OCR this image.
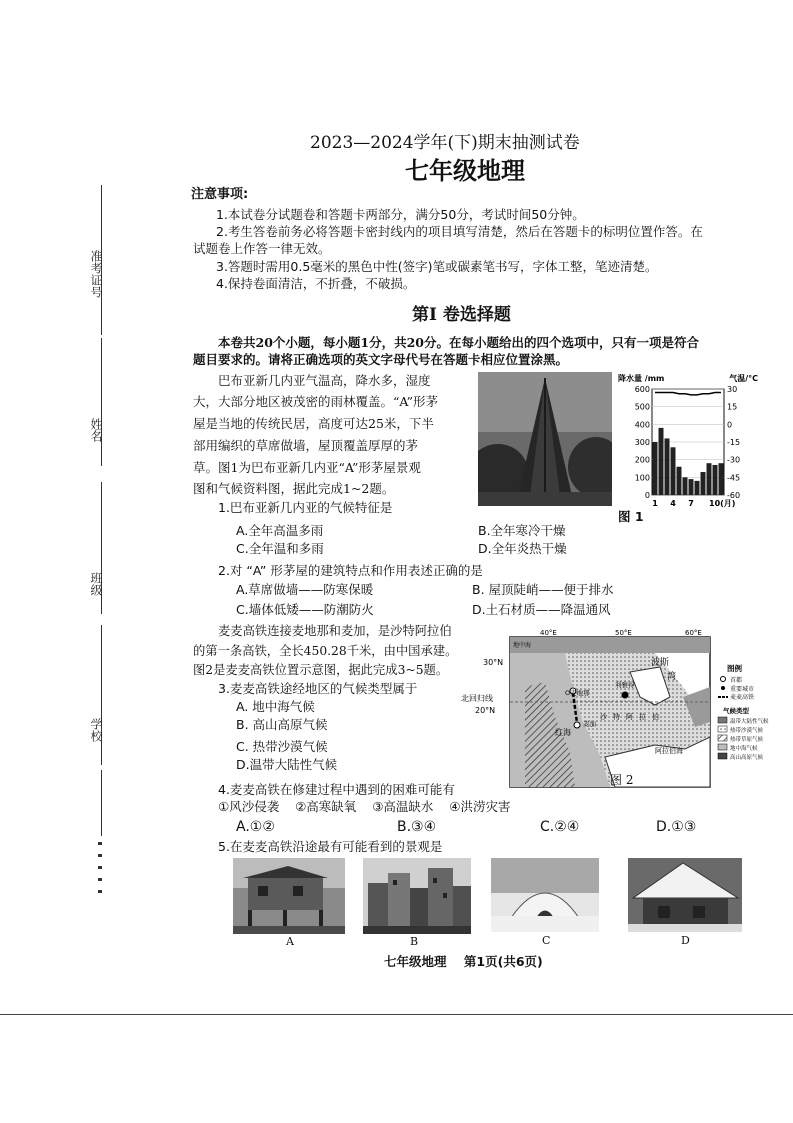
准考证号
姓名
班级
学校
2023—2024学年(下)期末抽测试卷
七年级地理
注意事项:
1.本试卷分试题卷和答题卡两部分，满分50分，考试时间50分钟。
2.考生答卷前务必将答题卡密封线内的项目填写清楚，然后在答题卡的标明位置作答。在
试题卷上作答一律无效。
3.答题时需用0.5毫米的黑色中性(签字)笔或碳素笔书写，字体工整，笔迹清楚。
4.保持卷面清洁，不折叠，不破损。
第I 卷选择题
本卷共20个小题，每小题1分，共20分。在每小题给出的四个选项中，只有一项是符合
题目要求的。请将正确选项的英文字母代号在答题卡相应位置涂黑。
巴布亚新几内亚气温高，降水多，湿度
大，大部分地区被茂密的雨林覆盖。“A”形茅
屋是当地的传统民居，高度可达25米，下半
部用编织的草席做墙，屋顶覆盖厚厚的茅
草。图1为巴布亚新几内亚“A”形茅屋景观
图和气候资料图，据此完成1~2题。
降水量 /mm	气温/°C
600
500
400
300
200
100
0
30
15
0
-15
-30
-45
-60
1 4 7 10(月)
图 1
1.巴布亚新几内亚的气候特征是
A.全年高温多雨	B.全年寒冷干燥
C.全年温和多雨	D.全年炎热干燥
2.对 “A” 形茅屋的建筑特点和作用表述正确的是
A.草席做墙——防寒保暖	B. 屋顶陡峭——便于排水
C.墙体低矮——防潮防火	D.土石材质——降温通风
麦麦高铁连接麦地那和麦加，是沙特阿拉伯
的第一条高铁，全长450.28千米，由中国承建。
图2是麦麦高铁位置示意图，据此完成3~5题。
40°E	50°E	60°E
地中海
30°N
北回归线
20°N
红海
波斯
湾
阿拉伯海
利雅得
O麦地那
麦加
沙 特 阿 拉 伯
图例
首都
重要城市
麦麦高铁
气候类型
温带大陆性气候
热带沙漠气候
热带草原气候
地中海气候
高山高原气候
图 2
3.麦麦高铁途经地区的气候类型属于
A. 地中海气候
B. 高山高原气候
C. 热带沙漠气候
D.温带大陆性气候
4.麦麦高铁在修建过程中遇到的困难可能有
①风沙侵袭    ②高寒缺氧    ③高温缺水    ④洪涝灾害
A.①②	B.③④	C.②④	D.①③
5.在麦麦高铁沿途最有可能看到的景观是
A	B	C	D
七年级地理    第1页(共6页)
